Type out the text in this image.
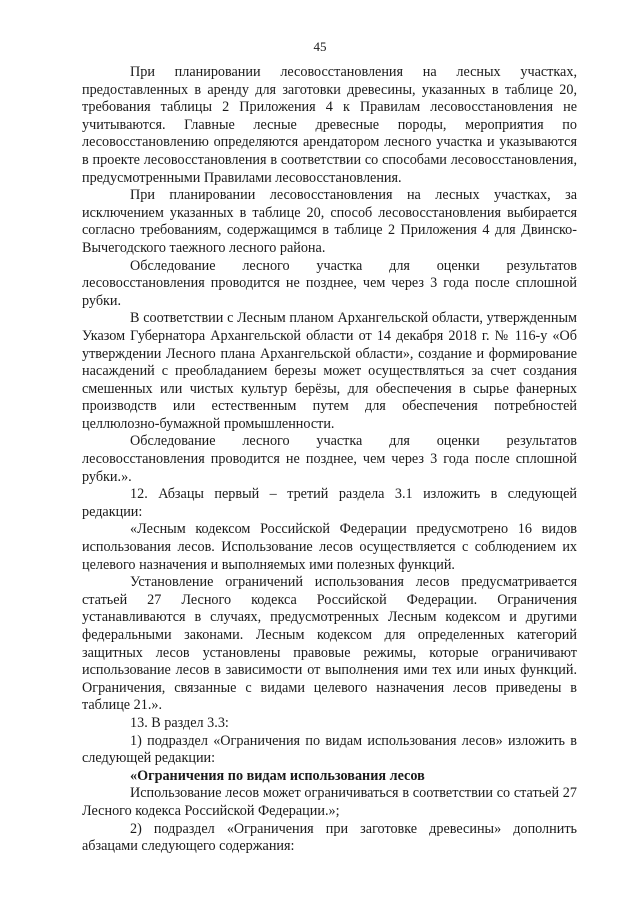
45

При планировании лесовосстановления на лесных участках, предоставленных в аренду для заготовки древесины, указанных в таблице 20, требования таблицы 2 Приложения 4 к Правилам лесовосстановления не учитываются. Главные лесные древесные породы, мероприятия по лесовосстановлению определяются арендатором лесного участка и указываются в проекте лесовосстановления в соответствии со способами лесовосстановления, предусмотренными Правилами лесовосстановления.

При планировании лесовосстановления на лесных участках, за исключением указанных в таблице 20, способ лесовосстановления выбирается согласно требованиям, содержащимся в таблице 2 Приложения 4 для Двинско-Вычегодского таежного лесного района.

Обследование лесного участка для оценки результатов лесовосстановления проводится не позднее, чем через 3 года после сплошной рубки.

В соответствии с Лесным планом Архангельской области, утвержденным Указом Губернатора Архангельской области от 14 декабря 2018 г. № 116-у «Об утверждении Лесного плана Архангельской области», создание и формирование насаждений с преобладанием березы может осуществляться за счет создания смешенных или чистых культур берёзы, для обеспечения в сырье фанерных производств или естественным путем для обеспечения потребностей целлюлозно-бумажной промышленности.

Обследование лесного участка для оценки результатов лесовосстановления проводится не позднее, чем через 3 года после сплошной рубки.».

12. Абзацы первый – третий раздела 3.1 изложить в следующей редакции:

«Лесным кодексом Российской Федерации предусмотрено 16 видов использования лесов. Использование лесов осуществляется с соблюдением их целевого назначения и выполняемых ими полезных функций.

Установление ограничений использования лесов предусматривается статьей 27 Лесного кодекса Российской Федерации. Ограничения устанавливаются в случаях, предусмотренных Лесным кодексом и другими федеральными законами. Лесным кодексом для определенных категорий защитных лесов установлены правовые режимы, которые ограничивают использование лесов в зависимости от выполнения ими тех или иных функций. Ограничения, связанные с видами целевого назначения лесов приведены в таблице 21.».

13. В раздел 3.3:

1) подраздел «Ограничения по видам использования лесов» изложить в следующей редакции:

«Ограничения по видам использования лесов

Использование лесов может ограничиваться в соответствии со статьей 27 Лесного кодекса Российской Федерации.»;

2) подраздел «Ограничения при заготовке древесины» дополнить абзацами следующего содержания:
